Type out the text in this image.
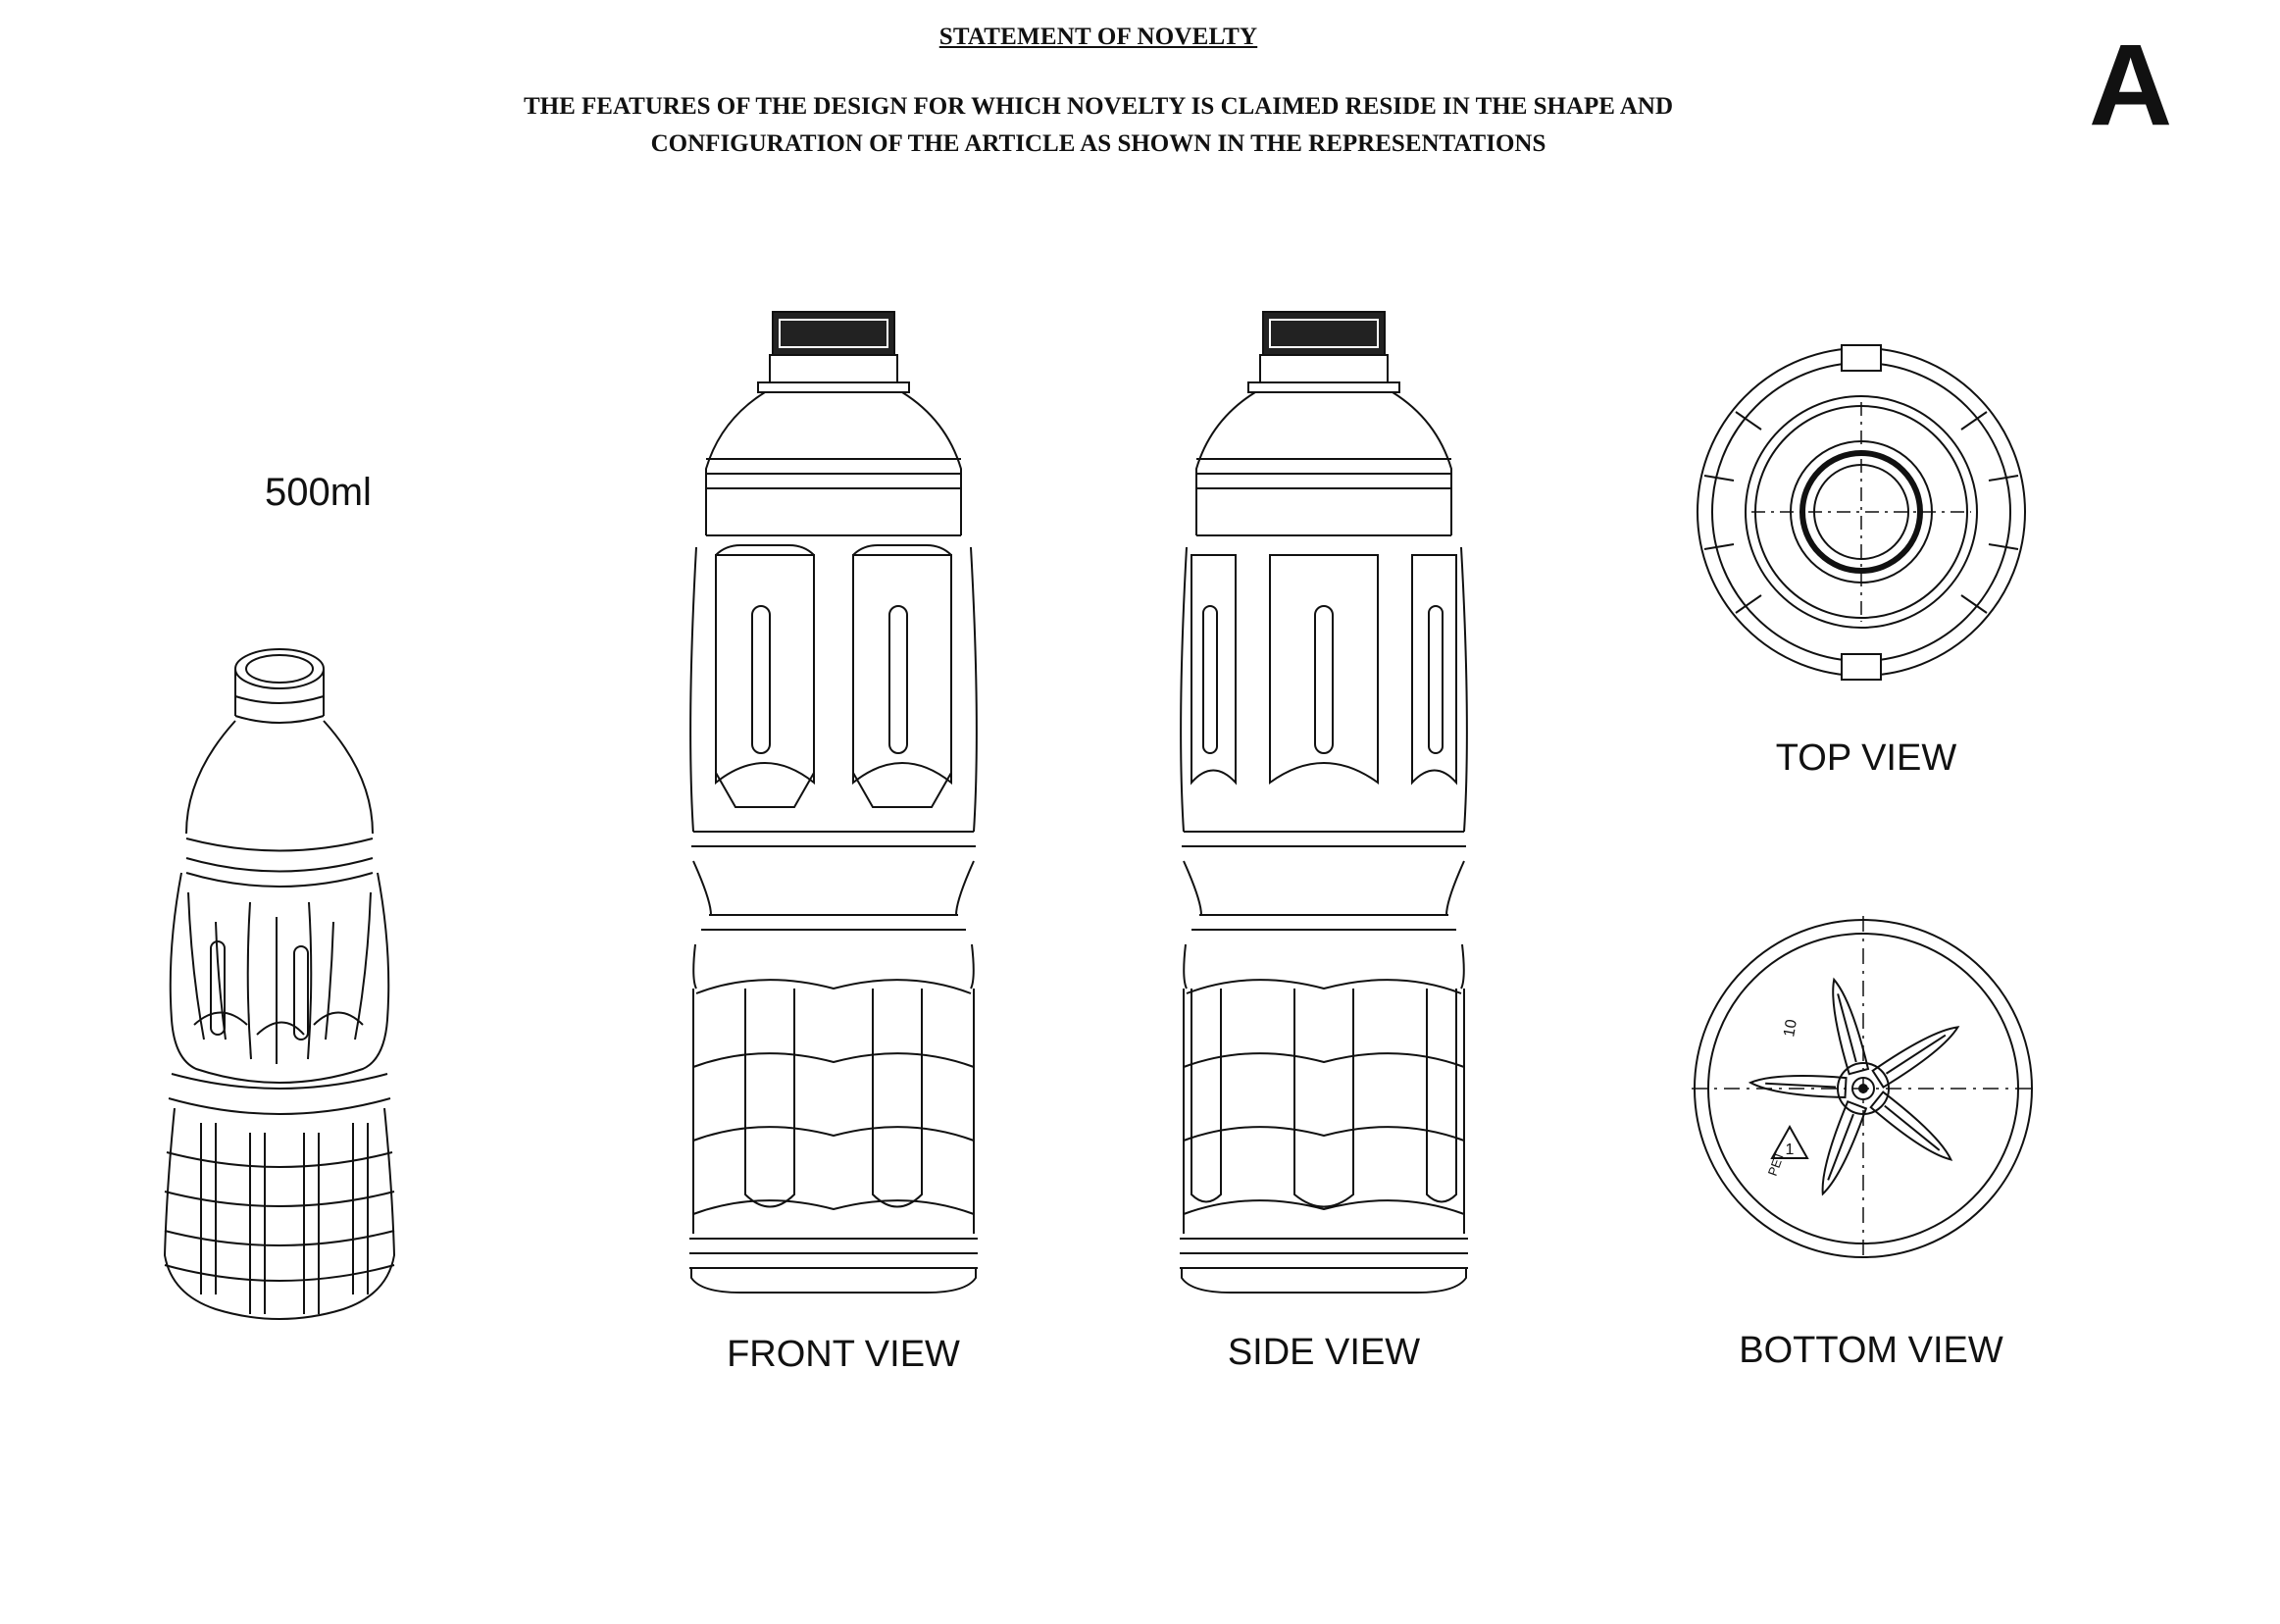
STATEMENT OF NOVELTY
THE FEATURES OF THE DESIGN FOR WHICH NOVELTY IS CLAIMED RESIDE IN THE SHAPE AND
CONFIGURATION OF THE ARTICLE AS SHOWN IN THE REPRESENTATIONS	A
500ml
1
PET
10
FRONT VIEW	SIDE VIEW
TOP VIEW
BOTTOM VIEW
